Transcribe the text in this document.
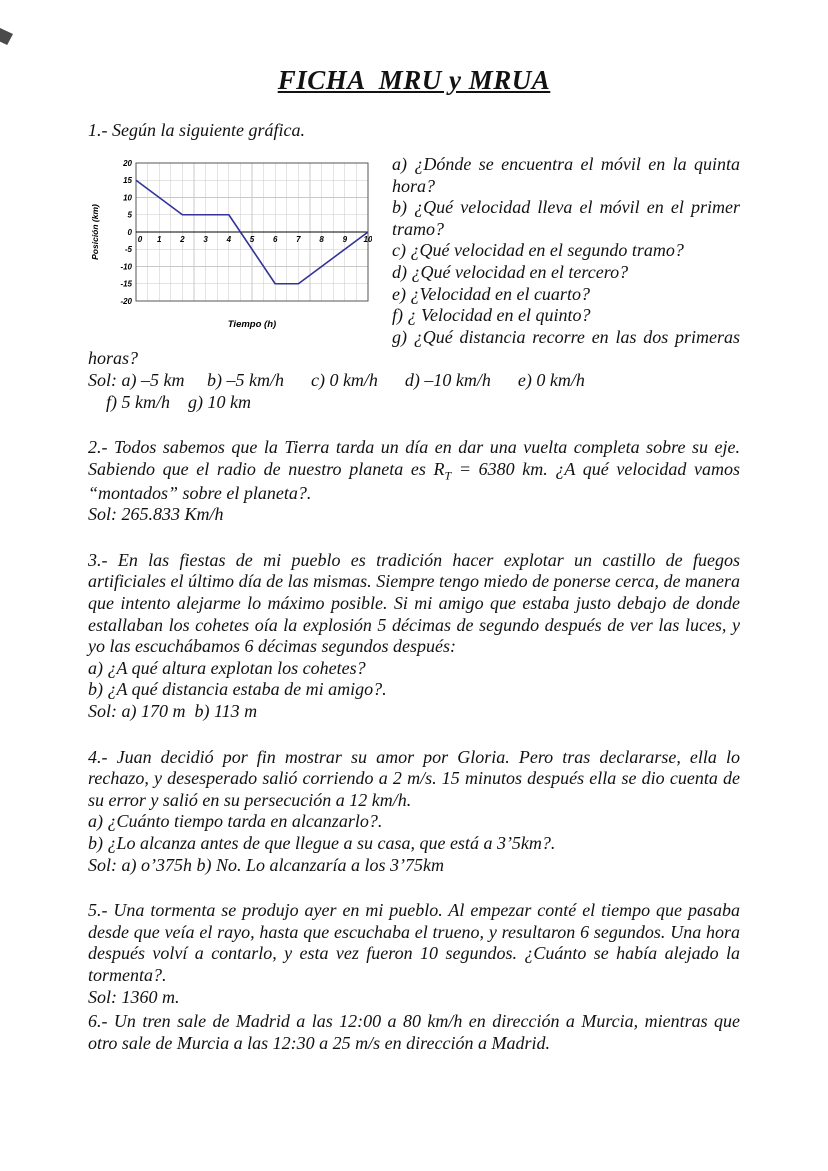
FICHA  MRU y MRUA
1.- Según la siguiente gráfica.
20
15
10
5
0
-5
-10
-15
-20
0 1 2 3 4 5 6 7 8 9 10
Posición (km)
Tiempo (h)
a) ¿Dónde se encuentra el móvil en la quinta hora?
b) ¿Qué velocidad lleva el móvil en el primer tramo?
c) ¿Qué velocidad en el segundo tramo?
d) ¿Qué velocidad en el tercero?
e) ¿Velocidad en el cuarto?
f) ¿ Velocidad en el quinto?
g) ¿Qué distancia recorre en las dos primeras horas?
Sol: a) –5 km     b) –5 km/h      c) 0 km/h      d) –10 km/h      e) 0 km/h
f) 5 km/h    g) 10 km

2.- Todos sabemos que la Tierra tarda un día en dar una vuelta completa sobre su eje. Sabiendo que el radio de nuestro planeta es $R_T = 6380$ km. ¿A qué velocidad vamos “montados” sobre el planeta?.

Sol: 265.833 Km/h

3.- En las fiestas de mi pueblo es tradición hacer explotar un castillo de fuegos artificiales el último día de las mismas. Siempre tengo miedo de ponerse cerca, de manera que intento alejarme lo máximo posible. Si mi amigo que estaba justo debajo de donde estallaban los cohetes oía la explosión 5 décimas de segundo después de ver las luces, y yo las escuchábamos 6 décimas segundos después:

a) ¿A qué altura explotan los cohetes?
b) ¿A qué distancia estaba de mi amigo?.
Sol: a) 170 m  b) 113 m

4.- Juan decidió por fin mostrar su amor por Gloria. Pero tras declararse, ella lo rechazo, y desesperado salió corriendo a 2 m/s. 15 minutos después ella se dio cuenta de su error y salió en su persecución a 12 km/h.

a) ¿Cuánto tiempo tarda en alcanzarlo?.
b) ¿Lo alcanza antes de que llegue a su casa, que está a 3’5km?.
Sol: a) o’375h b) No. Lo alcanzaría a los 3’75km

5.- Una tormenta se produjo ayer en mi pueblo. Al empezar conté el tiempo que pasaba desde que veía el rayo, hasta que escuchaba el trueno, y resultaron 6 segundos. Una hora después volví a contarlo, y esta vez fueron 10 segundos. ¿Cuánto se había alejado la tormenta?.

Sol: 1360 m.

6.- Un tren sale de Madrid a las 12:00 a 80 km/h en dirección a Murcia, mientras que otro sale de Murcia a las 12:30 a 25 m/s en dirección a Madrid.
